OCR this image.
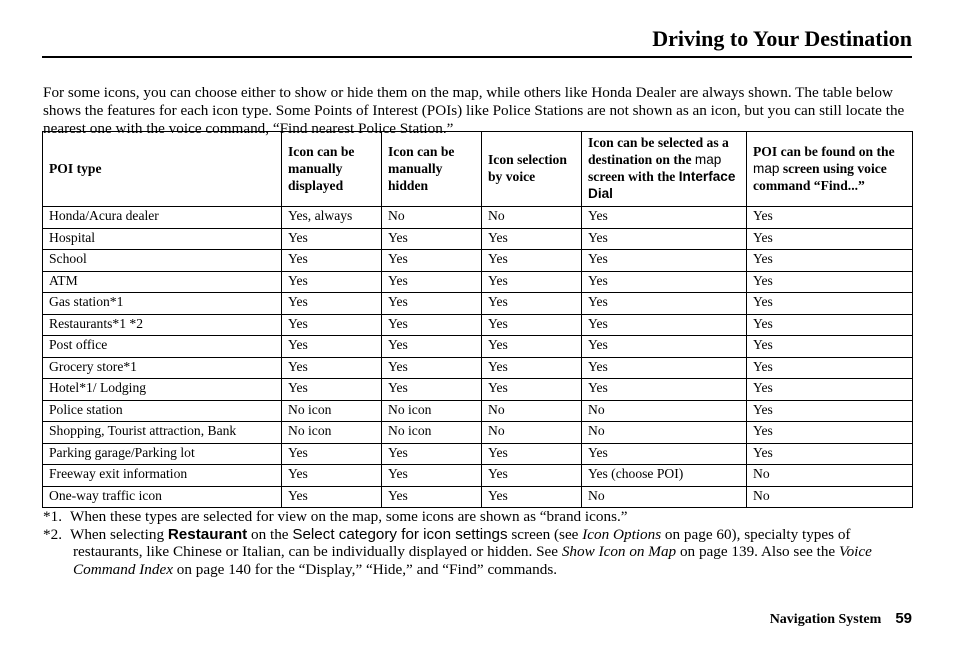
Driving to Your Destination

For some icons, you can choose either to show or hide them on the map, while others like Honda Dealer are always shown. The table below shows the features for each icon type. Some Points of Interest (POIs) like Police Stations are not shown as an icon, but you can still locate the nearest one with the voice command, “Find nearest Police Station.”

POI type	Icon can be manually displayed	Icon can be manually hidden	Icon selection by voice	Icon can be selected as a destination on the map screen with the Interface Dial	POI can be found on the map screen using voice command “Find...”
Honda/Acura dealer	Yes, always	No	No	Yes	Yes
Hospital	Yes	Yes	Yes	Yes	Yes
School	Yes	Yes	Yes	Yes	Yes
ATM	Yes	Yes	Yes	Yes	Yes
Gas station*1	Yes	Yes	Yes	Yes	Yes
Restaurants*1 *2	Yes	Yes	Yes	Yes	Yes
Post office	Yes	Yes	Yes	Yes	Yes
Grocery store*1	Yes	Yes	Yes	Yes	Yes
Hotel*1/ Lodging	Yes	Yes	Yes	Yes	Yes
Police station	No icon	No icon	No	No	Yes
Shopping, Tourist attraction, Bank	No icon	No icon	No	No	Yes
Parking garage/Parking lot	Yes	Yes	Yes	Yes	Yes
Freeway exit information	Yes	Yes	Yes	Yes (choose POI)	No
One-way traffic icon	Yes	Yes	Yes	No	No
*1. When these types are selected for view on the map, some icons are shown as “brand icons.”
*2. When selecting Restaurant on the Select category for icon settings screen (see Icon Options on page 60), specialty types of restaurants, like Chinese or Italian, can be individually displayed or hidden. See Show Icon on Map on page 139. Also see the Voice Command Index on page 140 for the “Display,” “Hide,” and “Find” commands.
Navigation System 59
